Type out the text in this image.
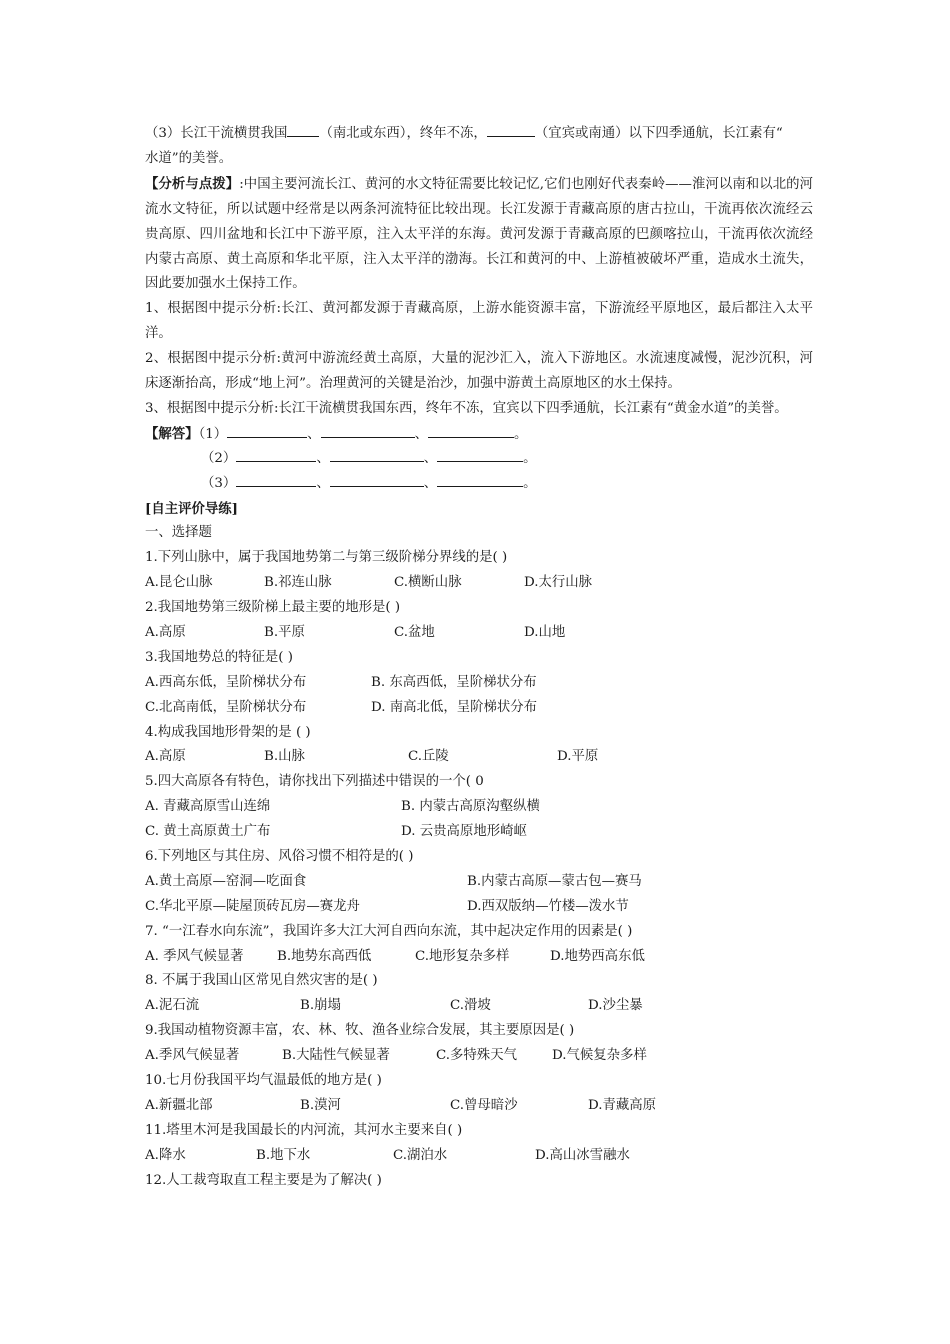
（3）长江干流横贯我国 （南北或东西），终年不冻，	（宜宾或南通）以下四季通航，长江素有“
水道”的美誉。
【分析与点拨】:中国主要河流长江、黄河的水文特征需要比较记忆,它们也刚好代表秦岭——淮河以南和以北的河流水文特征，所以试题中经常是以两条河流特征比较出现。长江发源于青藏高原的唐古拉山，干流再依次流经云贵高原、四川盆地和长江中下游平原，注入太平洋的东海。黄河发源于青藏高原的巴颜喀拉山，干流再依次流经内蒙古高原、黄土高原和华北平原，注入太平洋的渤海。长江和黄河的中、上游植被破坏严重，造成水土流失，因此要加强水土保持工作。
1、根据图中提示分析:长江、黄河都发源于青藏高原，上游水能资源丰富，下游流经平原地区，最后都注入太平洋。
2、根据图中提示分析:黄河中游流经黄土高原，大量的泥沙汇入，流入下游地区。水流速度减慢，泥沙沉积，河床逐渐抬高，形成“地上河”。治理黄河的关键是治沙，加强中游黄土高原地区的水土保持。
3、根据图中提示分析:长江干流横贯我国东西，终年不冻，宜宾以下四季通航，长江素有“黄金水道”的美誉。
【解答】（1）	、	、	。
（2）	、	、	。
（3）	、	、	。
[自主评价导练]
一、选择题
1.下列山脉中，属于我国地势第二与第三级阶梯分界线的是( )
A.昆仑山脉	B.祁连山脉	C.横断山脉	D.太行山脉
2.我国地势第三级阶梯上最主要的地形是( )
A.高原	B.平原	C.盆地	D.山地
3.我国地势总的特征是( )
A.西高东低，呈阶梯状分布	B. 东高西低，呈阶梯状分布
C.北高南低，呈阶梯状分布	D. 南高北低，呈阶梯状分布
4.构成我国地形骨架的是 ( )
A.高原	B.山脉	C.丘陵	D.平原
5.四大高原各有特色，请你找出下列描述中错误的一个( 0
A. 青藏高原雪山连绵	B. 内蒙古高原沟壑纵横
C. 黄土高原黄土广布	D. 云贵高原地形崎岖
6.下列地区与其住房、风俗习惯不相符是的( )
A.黄土高原—窑洞—吃面食	B.内蒙古高原—蒙古包—赛马
C.华北平原—陡屋顶砖瓦房—赛龙舟	D.西双版纳—竹楼—泼水节
7. “一江春水向东流”，我国许多大江大河自西向东流，其中起决定作用的因素是( )
A. 季风气候显著 B.地势东高西低	C.地形复杂多样	D.地势西高东低
8. 不属于我国山区常见自然灾害的是( )
A.泥石流	B.崩塌	C.滑坡	D.沙尘暴
9.我国动植物资源丰富，农、林、牧、渔各业综合发展，其主要原因是( )
A.季风气候显著	B.大陆性气候显著	C.多特殊天气	D.气候复杂多样
10.七月份我国平均气温最低的地方是( )
A.新疆北部	B.漠河	C.曾母暗沙	D.青藏高原
11.塔里木河是我国最长的内河流，其河水主要来自( )
A.降水	B.地下水	C.湖泊水	D.高山冰雪融水
12.人工裁弯取直工程主要是为了解决( )
